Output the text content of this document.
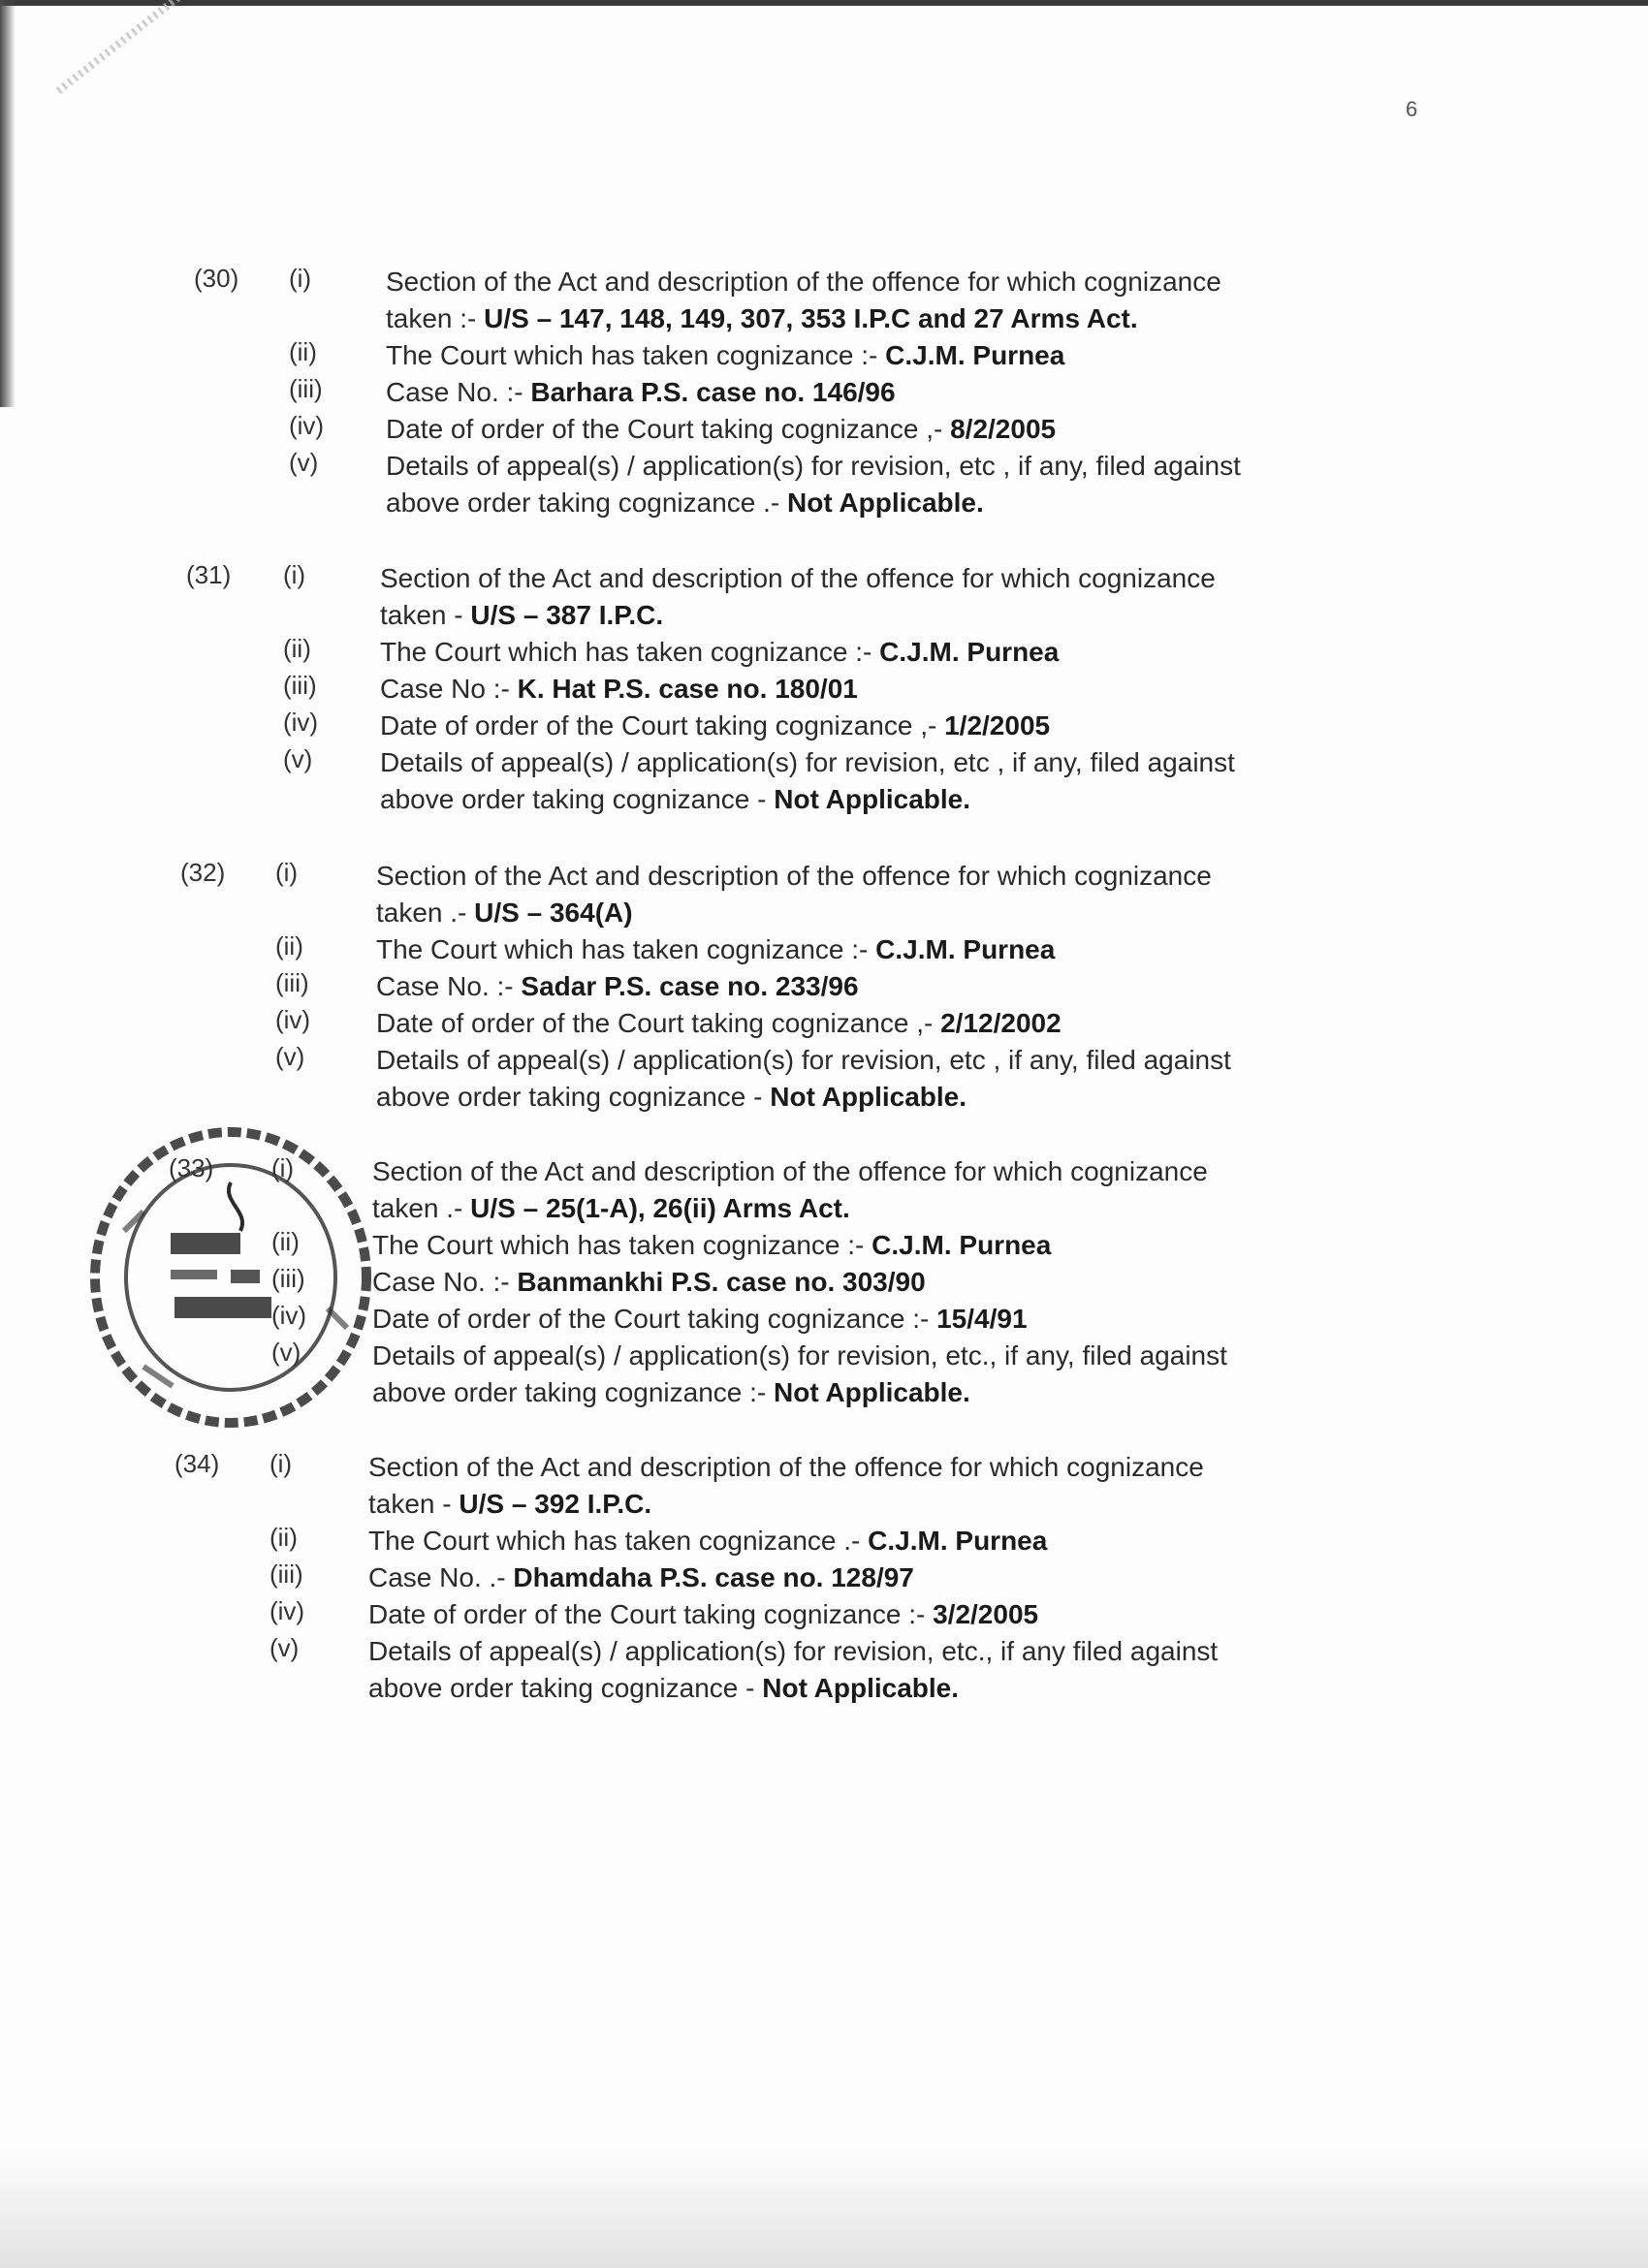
6
(30) (i)	Section of the Act and description of the offence for which cognizance
taken :- U/S – 147, 148, 149, 307, 353 I.P.C and 27 Arms Act.
(ii)	The Court which has taken cognizance :- C.J.M. Purnea
(iii) Case No. :- Barhara P.S. case no. 146/96
(iv) Date of order of the Court taking cognizance ,- 8/2/2005
(v) Details of appeal(s) / application(s) for revision, etc , if any, filed against
above order taking cognizance .- Not Applicable.
(31) (i)	Section of the Act and description of the offence for which cognizance
taken - U/S – 387 I.P.C.
(ii)	The Court which has taken cognizance :- C.J.M. Purnea
(iii) Case No :- K. Hat P.S. case no. 180/01
(iv) Date of order of the Court taking cognizance ,- 1/2/2005
(v) Details of appeal(s) / application(s) for revision, etc , if any, filed against
above order taking cognizance - Not Applicable.
(32) (i)	Section of the Act and description of the offence for which cognizance
taken .- U/S – 364(A)
(ii)	The Court which has taken cognizance :- C.J.M. Purnea
(iii) Case No. :- Sadar P.S. case no. 233/96
(iv) Date of order of the Court taking cognizance ,- 2/12/2002
(v)	Details of appeal(s) / application(s) for revision, etc , if any, filed against
above order taking cognizance - Not Applicable.
(33) (i)	Section of the Act and description of the offence for which cognizance
taken .- U/S – 25(1-A), 26(ii) Arms Act.
(ii)	The Court which has taken cognizance :- C.J.M. Purnea
(iii) Case No. :- Banmankhi P.S. case no. 303/90
(iv) Date of order of the Court taking cognizance :- 15/4/91
(v)	Details of appeal(s) / application(s) for revision, etc., if any, filed against
above order taking cognizance :- Not Applicable.
(34) (i)	Section of the Act and description of the offence for which cognizance
taken - U/S – 392 I.P.C.
(ii)	The Court which has taken cognizance .- C.J.M. Purnea
(iii) Case No. .- Dhamdaha P.S. case no. 128/97
(iv) Date of order of the Court taking cognizance :- 3/2/2005
(v)	Details of appeal(s) / application(s) for revision, etc., if any filed against
above order taking cognizance - Not Applicable.
